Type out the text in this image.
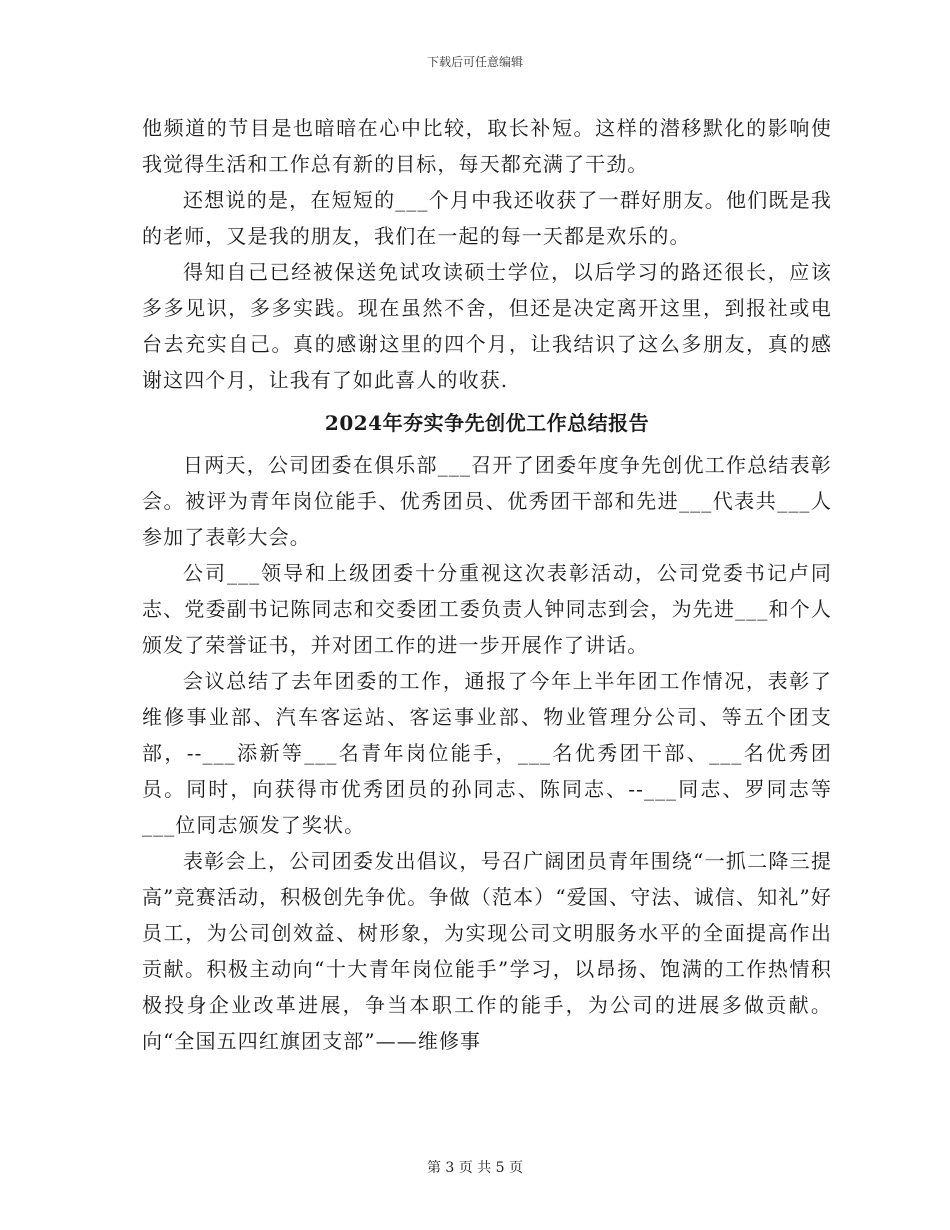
下载后可任意编辑

他频道的节目是也暗暗在心中比较，取长补短。这样的潜移默化的影响使我觉得生活和工作总有新的目标，每天都充满了干劲。

还想说的是，在短短的___个月中我还收获了一群好朋友。他们既是我的老师，又是我的朋友，我们在一起的每一天都是欢乐的。

得知自己已经被保送免试攻读硕士学位，以后学习的路还很长，应该多多见识，多多实践。现在虽然不舍，但还是决定离开这里，到报社或电台去充实自己。真的感谢这里的四个月，让我结识了这么多朋友，真的感谢这四个月，让我有了如此喜人的收获.

2024年夯实争先创优工作总结报告

日两天，公司团委在俱乐部___召开了团委年度争先创优工作总结表彰会。被评为青年岗位能手、优秀团员、优秀团干部和先进___代表共___人参加了表彰大会。

公司___领导和上级团委十分重视这次表彰活动，公司党委书记卢同志、党委副书记陈同志和交委团工委负责人钟同志到会，为先进___和个人颁发了荣誉证书，并对团工作的进一步开展作了讲话。

会议总结了去年团委的工作，通报了今年上半年团工作情况，表彰了维修事业部、汽车客运站、客运事业部、物业管理分公司、等五个团支部，--___添新等___名青年岗位能手，___名优秀团干部、___名优秀团员。同时，向获得市优秀团员的孙同志、陈同志、--___同志、罗同志等___位同志颁发了奖状。

表彰会上，公司团委发出倡议，号召广阔团员青年围绕“一抓二降三提高”竞赛活动，积极创先争优。争做（范本）“爱国、守法、诚信、知礼”好员工，为公司创效益、树形象，为实现公司文明服务水平的全面提高作出贡献。积极主动向“十大青年岗位能手”学习，以昂扬、饱满的工作热情积极投身企业改革进展，争当本职工作的能手，为公司的进展多做贡献。向“全国五四红旗团支部”——维修事

第 3 页 共 5 页
